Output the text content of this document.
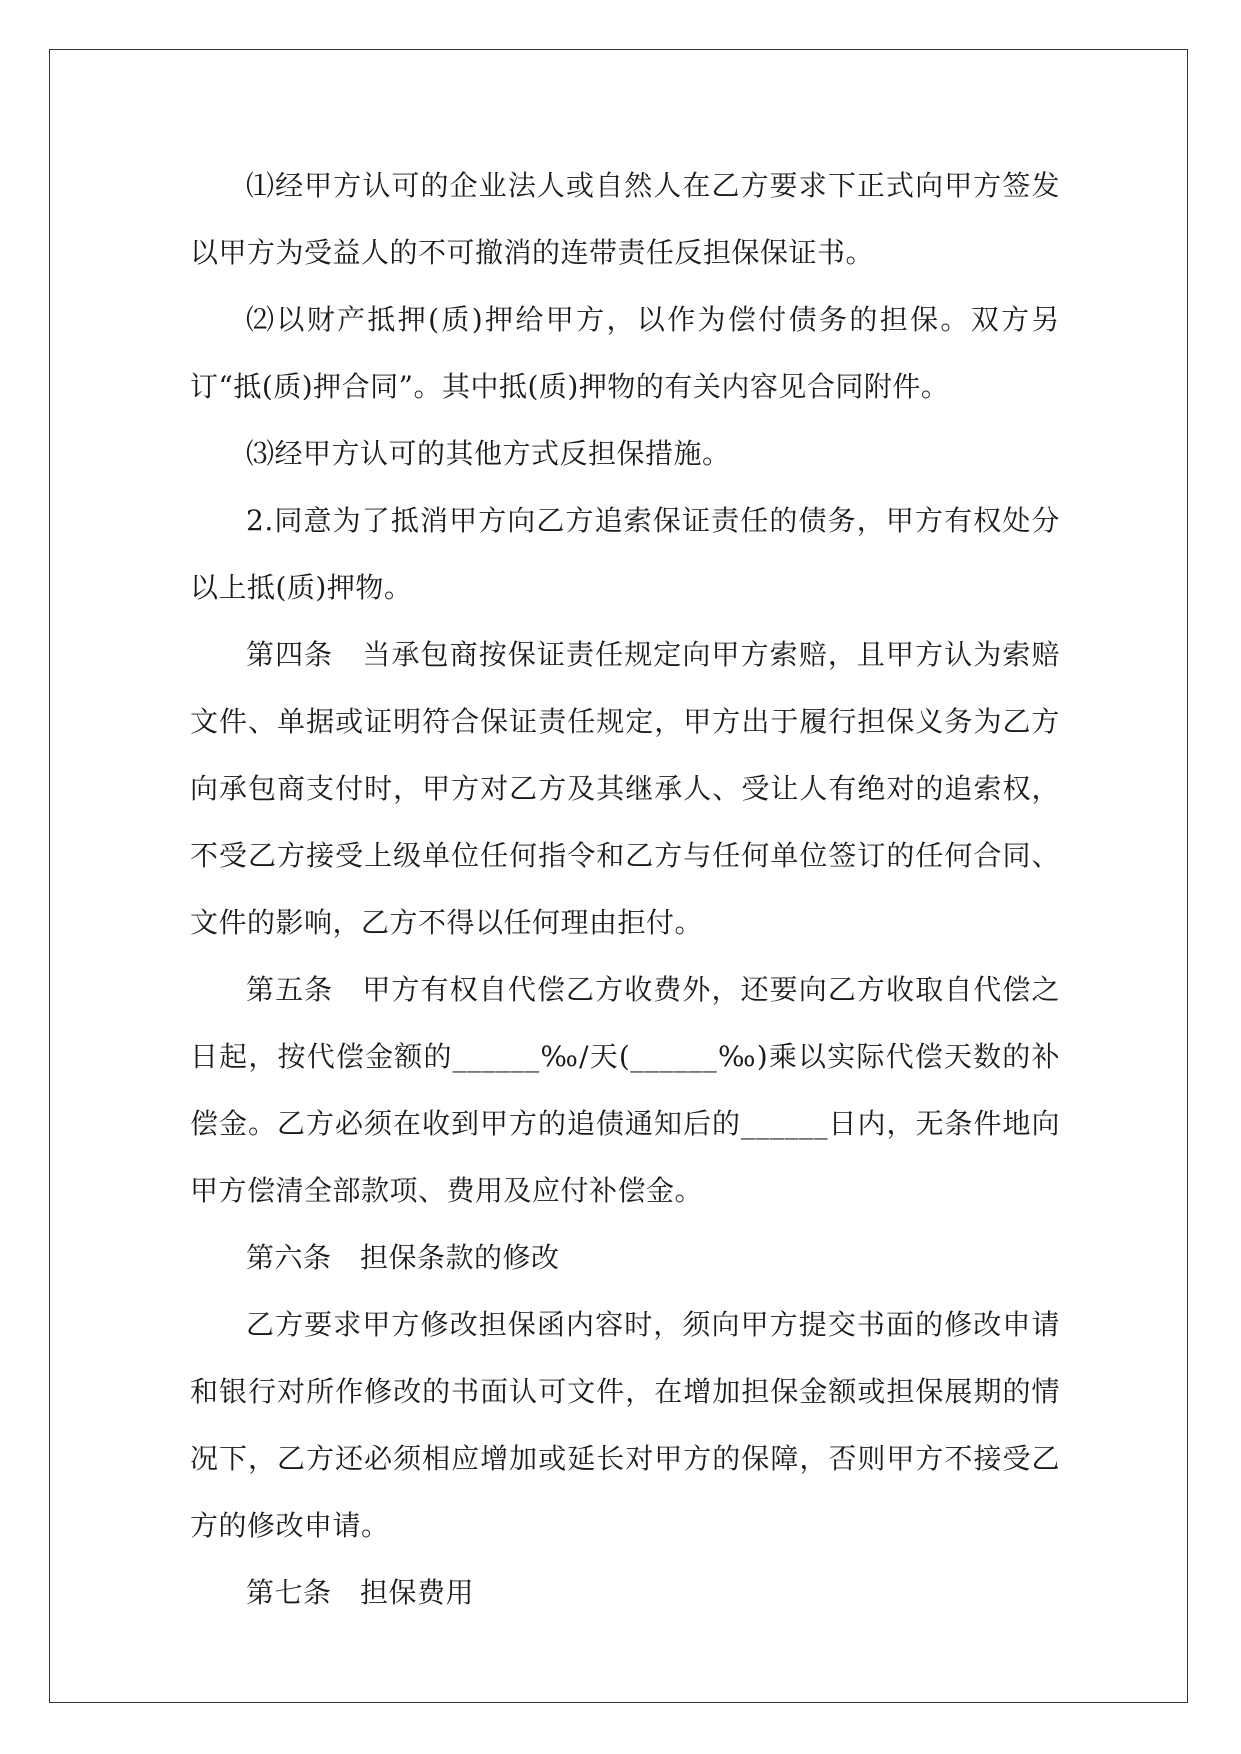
⑴经甲方认可的企业法人或自然人在乙方要求下正式向甲方签发以甲方为受益人的不可撤消的连带责任反担保保证书。

⑵以财产抵押(质)押给甲方，以作为偿付债务的担保。双方另订“抵(质)押合同”。其中抵(质)押物的有关内容见合同附件。

⑶经甲方认可的其他方式反担保措施。

2.同意为了抵消甲方向乙方追索保证责任的债务，甲方有权处分以上抵(质)押物。

第四条　当承包商按保证责任规定向甲方索赔，且甲方认为索赔文件、单据或证明符合保证责任规定，甲方出于履行担保义务为乙方向承包商支付时，甲方对乙方及其继承人、受让人有绝对的追索权，不受乙方接受上级单位任何指令和乙方与任何单位签订的任何合同、文件的影响，乙方不得以任何理由拒付。

第五条　甲方有权自代偿乙方收费外，还要向乙方收取自代偿之日起，按代偿金额的______‰/天(______‰)乘以实际代偿天数的补偿金。乙方必须在收到甲方的追债通知后的______日内，无条件地向甲方偿清全部款项、费用及应付补偿金。

第六条　担保条款的修改

乙方要求甲方修改担保函内容时，须向甲方提交书面的修改申请和银行对所作修改的书面认可文件，在增加担保金额或担保展期的情况下，乙方还必须相应增加或延长对甲方的保障，否则甲方不接受乙方的修改申请。

第七条　担保费用
